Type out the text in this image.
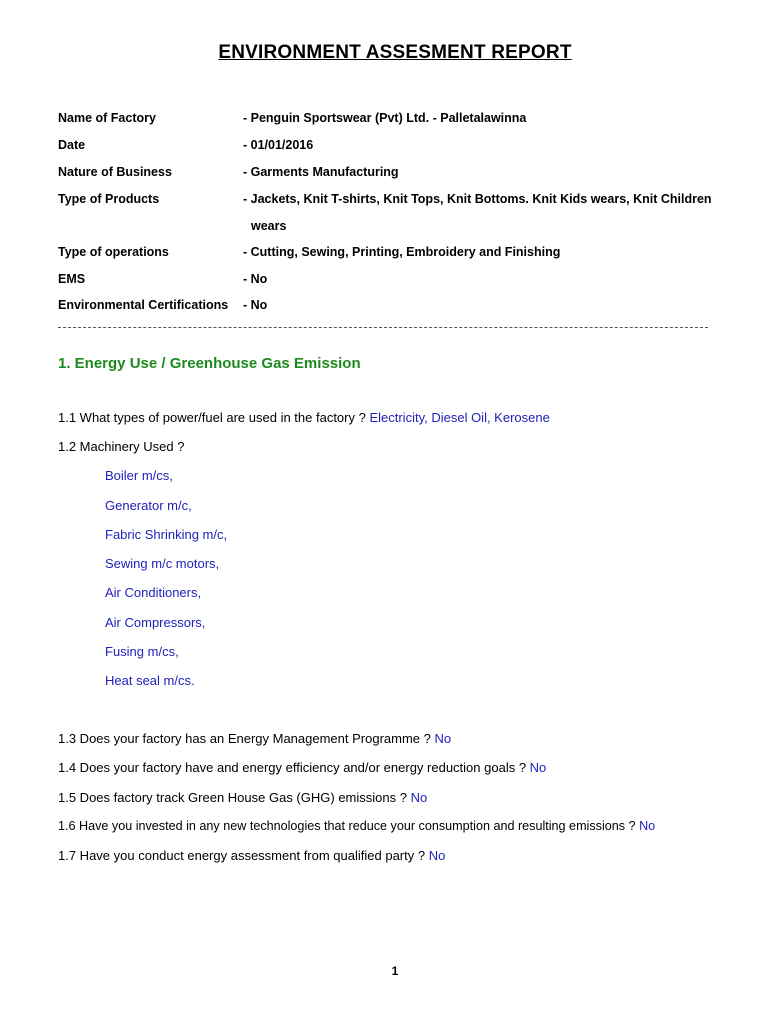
ENVIRONMENT ASSESMENT REPORT
Name of Factory	- Penguin Sportswear (Pvt) Ltd. - Palletalawinna
Date	- 01/01/2016
Nature of Business	- Garments Manufacturing
Type of Products	- Jackets, Knit T-shirts, Knit Tops, Knit Bottoms. Knit Kids wears, Knit Children
wears
Type of operations	- Cutting, Sewing, Printing, Embroidery and Finishing
EMS	- No
Environmental Certifications - No
1. Energy Use / Greenhouse Gas Emission
1.1 What types of power/fuel are used in the factory ? Electricity, Diesel Oil, Kerosene
1.2 Machinery Used ?
Boiler m/cs,
Generator m/c,
Fabric Shrinking m/c,
Sewing m/c motors,
Air Conditioners,
Air Compressors,
Fusing m/cs,
Heat seal m/cs.
1.3 Does your factory has an Energy Management Programme ? No
1.4 Does your factory have and energy efficiency and/or energy reduction goals ? No
1.5 Does factory track Green House Gas (GHG) emissions ? No
1.6 Have you invested in any new technologies that reduce your consumption and resulting emissions ? No
1.7 Have you conduct energy assessment from qualified party ? No
1
